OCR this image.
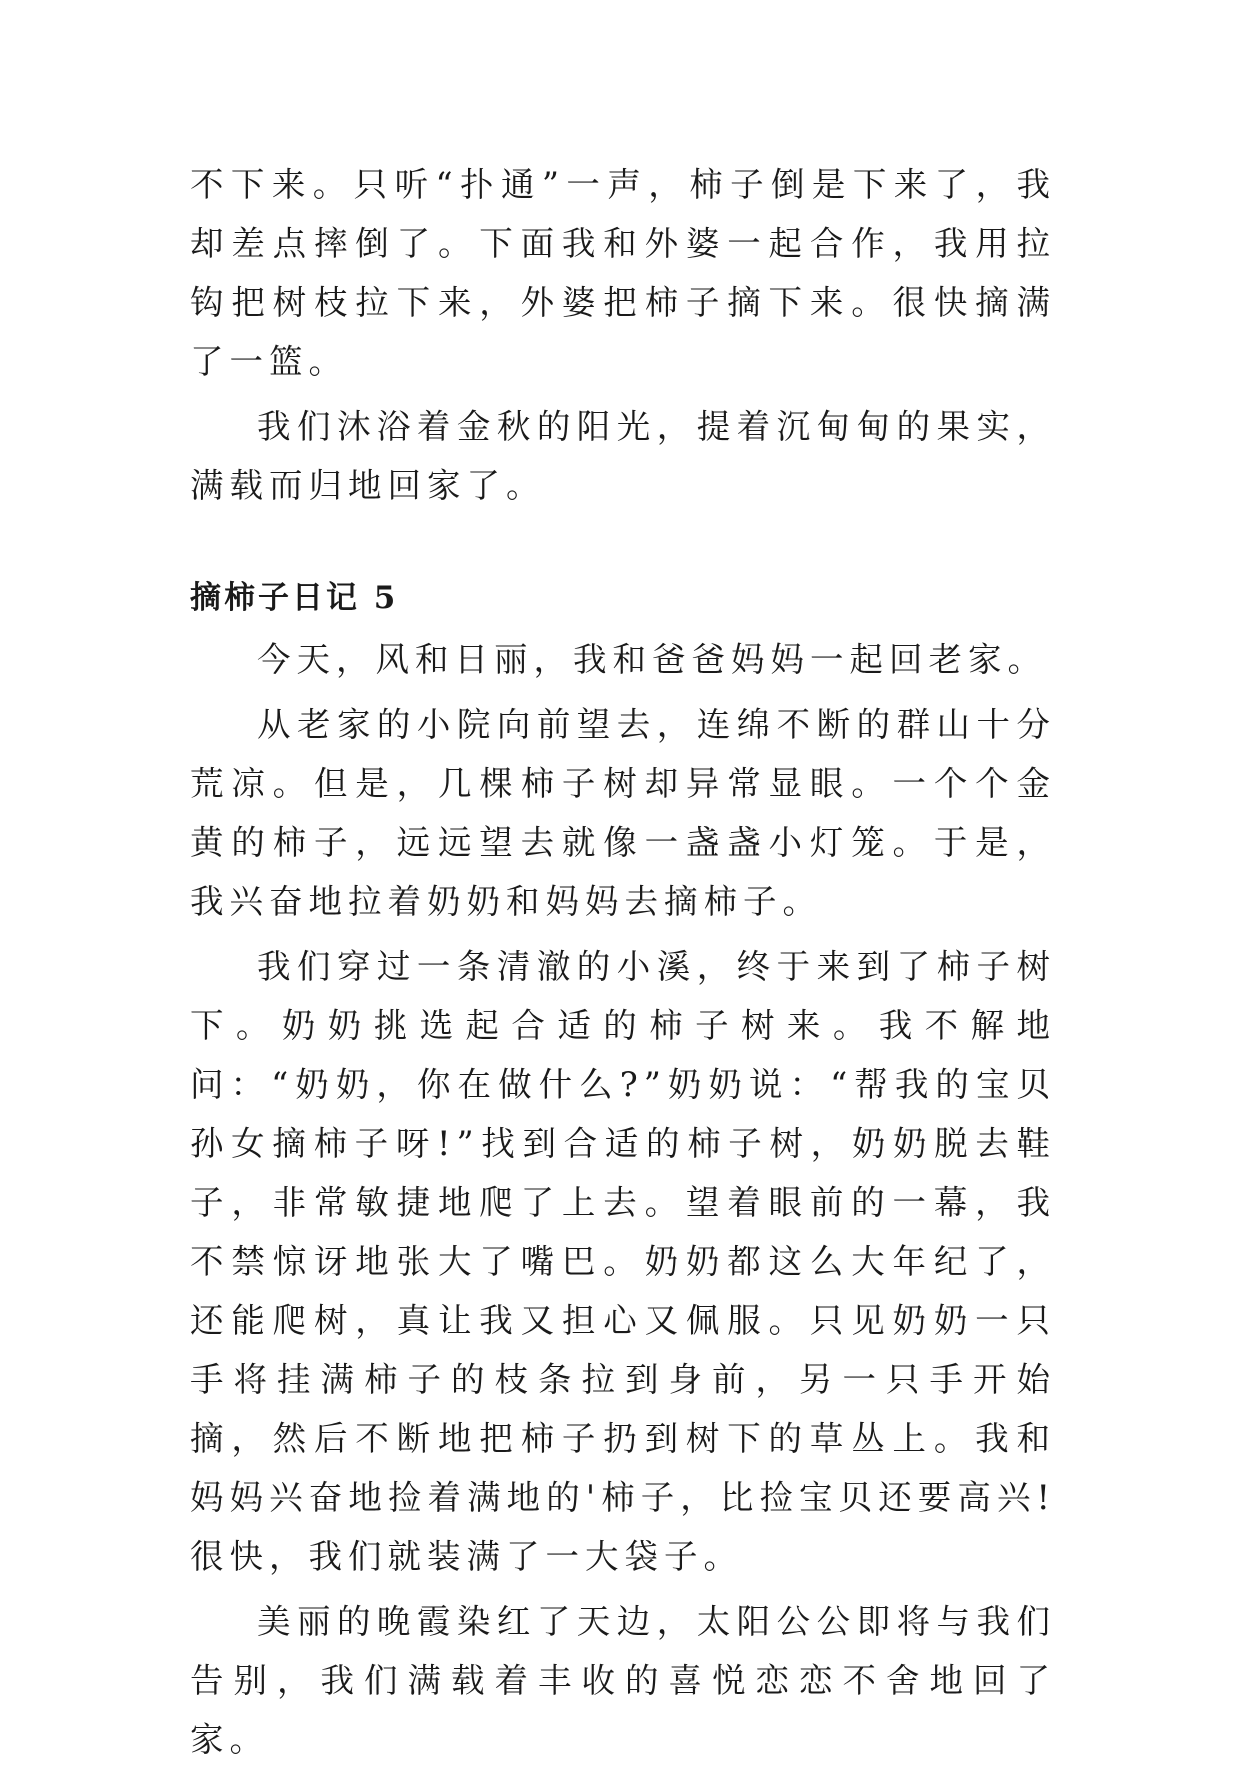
不下来。只听“扑通”一声，柿子倒是下来了，我却差点摔倒了。下面我和外婆一起合作，我用拉钩把树枝拉下来，外婆把柿子摘下来。很快摘满了一篮。

我们沐浴着金秋的阳光，提着沉甸甸的果实，满载而归地回家了。

摘柿子日记 5

今天，风和日丽，我和爸爸妈妈一起回老家。

从老家的小院向前望去，连绵不断的群山十分荒凉。但是，几棵柿子树却异常显眼。一个个金黄的柿子，远远望去就像一盏盏小灯笼。于是，我兴奋地拉着奶奶和妈妈去摘柿子。

我们穿过一条清澈的小溪，终于来到了柿子树下。奶奶挑选起合适的柿子树来。我不解地问：“奶奶，你在做什么?”奶奶说：“帮我的宝贝孙女摘柿子呀!”找到合适的柿子树，奶奶脱去鞋子，非常敏捷地爬了上去。望着眼前的一幕，我不禁惊讶地张大了嘴巴。奶奶都这么大年纪了，还能爬树，真让我又担心又佩服。只见奶奶一只手将挂满柿子的枝条拉到身前，另一只手开始摘，然后不断地把柿子扔到树下的草丛上。我和妈妈兴奋地捡着满地的'柿子，比捡宝贝还要高兴!很快，我们就装满了一大袋子。

美丽的晚霞染红了天边，太阳公公即将与我们告别，我们满载着丰收的喜悦恋恋不舍地回了家。
